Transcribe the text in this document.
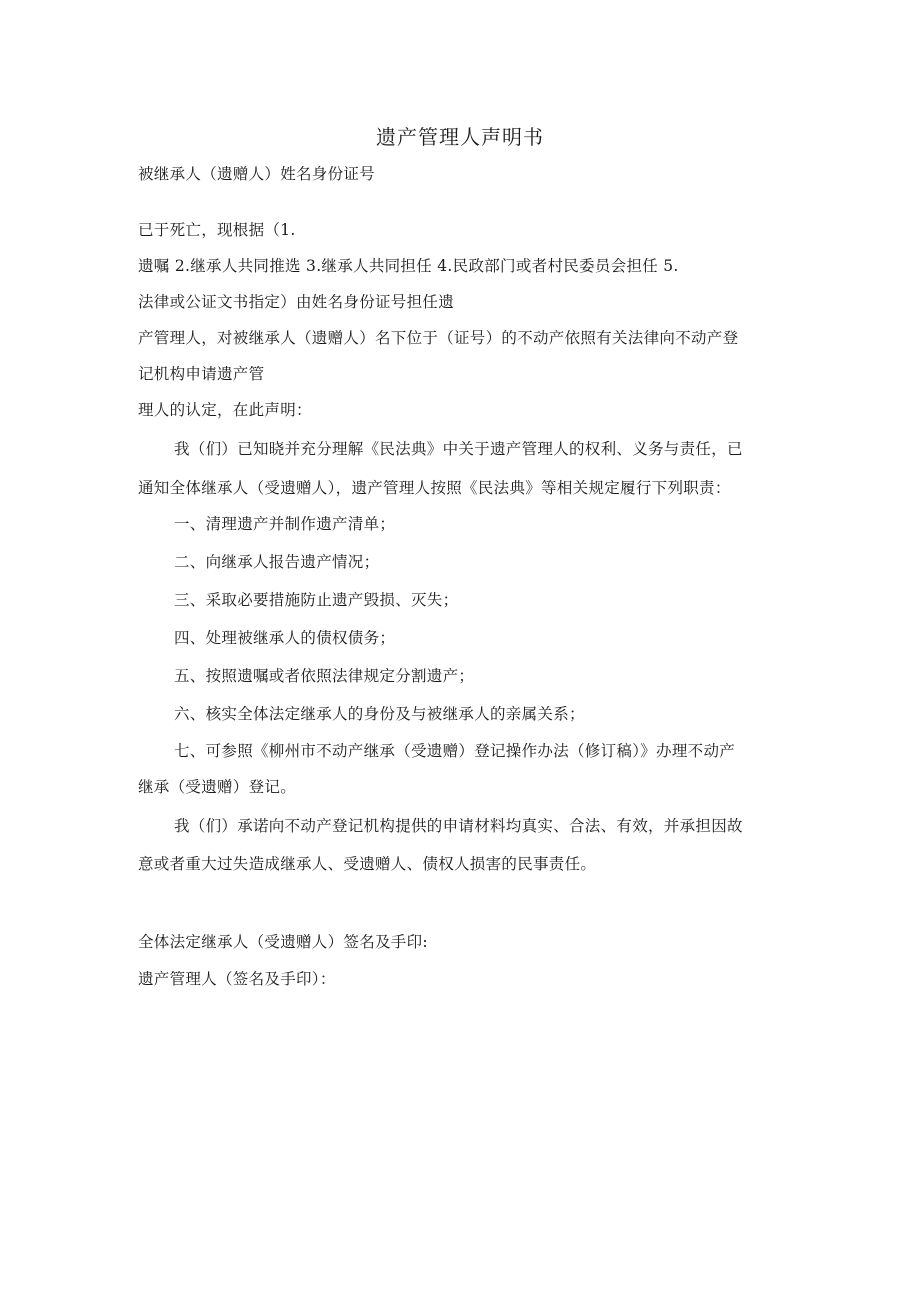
遗产管理人声明书
被继承人（遗赠人）姓名身份证号
已于死亡，现根据（1.
遗嘱 2.继承人共同推选 3.继承人共同担任 4.民政部门或者村民委员会担任 5.
法律或公证文书指定）由姓名身份证号担任遗
产管理人，对被继承人（遗赠人）名下位于（证号）的不动产依照有关法律向不动产登
记机构申请遗产管
理人的认定，在此声明：
我（们）已知晓并充分理解《民法典》中关于遗产管理人的权利、义务与责任，已
通知全体继承人（受遗赠人），遗产管理人按照《民法典》等相关规定履行下列职责：
一、清理遗产并制作遗产清单；
二、向继承人报告遗产情况；
三、采取必要措施防止遗产毁损、灭失；
四、处理被继承人的债权债务；
五、按照遗嘱或者依照法律规定分割遗产；
六、核实全体法定继承人的身份及与被继承人的亲属关系；
七、可参照《柳州市不动产继承（受遗赠）登记操作办法（修订稿）》办理不动产
继承（受遗赠）登记。
我（们）承诺向不动产登记机构提供的申请材料均真实、合法、有效，并承担因故
意或者重大过失造成继承人、受遗赠人、债权人损害的民事责任。
全体法定继承人（受遗赠人）签名及手印:
遗产管理人（签名及手印）：
